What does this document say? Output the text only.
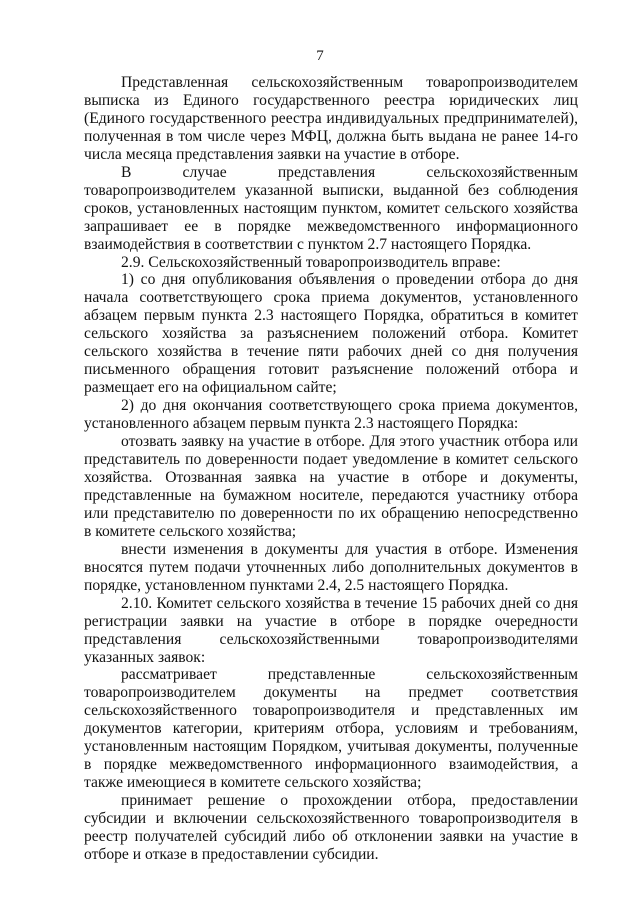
7

Представленная сельскохозяйственным товаропроизводителем выписка из Единого государственного реестра юридических лиц (Единого государственного реестра индивидуальных предпринимателей), полученная в том числе через МФЦ, должна быть выдана не ранее 14-го числа месяца представления заявки на участие в отборе.

В случае представления сельскохозяйственным товаропроизводителем указанной выписки, выданной без соблюдения сроков, установленных настоящим пунктом, комитет сельского хозяйства запрашивает ее в порядке межведомственного информационного взаимодействия в соответствии с пунктом 2.7 настоящего Порядка.

2.9. Сельскохозяйственный товаропроизводитель вправе:

1) со дня опубликования объявления о проведении отбора до дня начала соответствующего срока приема документов, установленного абзацем первым пункта 2.3 настоящего Порядка, обратиться в комитет сельского хозяйства за разъяснением положений отбора. Комитет сельского хозяйства в течение пяти рабочих дней со дня получения письменного обращения готовит разъяснение положений отбора и размещает его на официальном сайте;

2) до дня окончания соответствующего срока приема документов, установленного абзацем первым пункта 2.3 настоящего Порядка:

отозвать заявку на участие в отборе. Для этого участник отбора или представитель по доверенности подает уведомление в комитет сельского хозяйства. Отозванная заявка на участие в отборе и документы, представленные на бумажном носителе, передаются участнику отбора или представителю по доверенности по их обращению непосредственно в комитете сельского хозяйства;

внести изменения в документы для участия в отборе. Изменения вносятся путем подачи уточненных либо дополнительных документов в порядке, установленном пунктами 2.4, 2.5 настоящего Порядка.

2.10. Комитет сельского хозяйства в течение 15 рабочих дней со дня регистрации заявки на участие в отборе в порядке очередности представления сельскохозяйственными товаропроизводителями указанных заявок:

рассматривает представленные сельскохозяйственным товаропроизводителем документы на предмет соответствия сельскохозяйственного товаропроизводителя и представленных им документов категории, критериям отбора, условиям и требованиям, установленным настоящим Порядком, учитывая документы, полученные в порядке межведомственного информационного взаимодействия, а также имеющиеся в комитете сельского хозяйства;

принимает решение о прохождении отбора, предоставлении субсидии и включении сельскохозяйственного товаропроизводителя в реестр получателей субсидий либо об отклонении заявки на участие в отборе и отказе в предоставлении субсидии.
